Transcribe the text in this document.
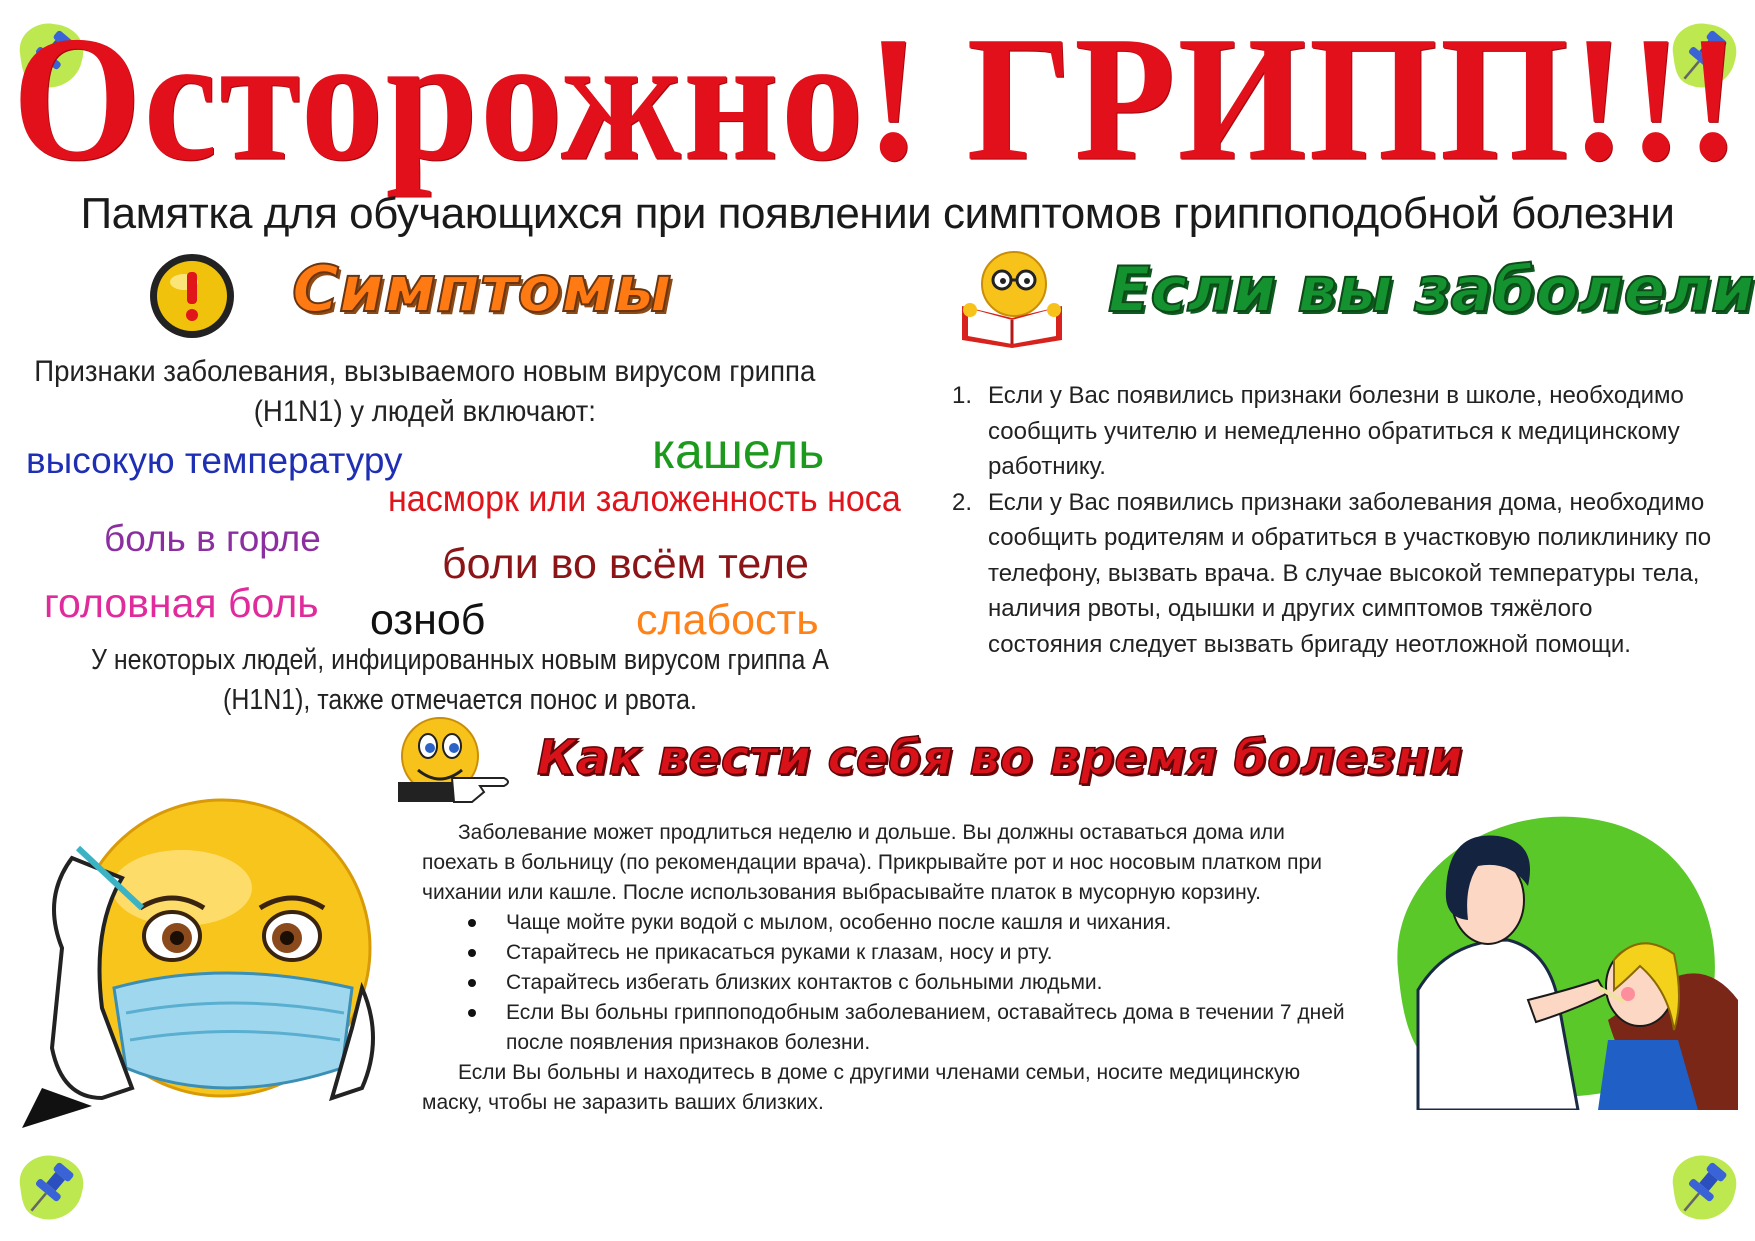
Осторожно! ГРИПП!!!
Памятка для обучающихся при появлении симптомов гриппоподобной болезни
Симптомы
Признаки заболевания, вызываемого новым вирусом гриппа (H1N1) у людей включают:
высокую температуру	кашель
насморк или заложенность носа
боль в горле
боли во всём теле
головная боль озноб	слабость
У некоторых людей, инфицированных новым вирусом гриппа А (H1N1), также отмечается понос и рвота.
Если вы заболели
1. Если у Вас появились признаки болезни в школе, необходимо сообщить учителю и немедленно обратиться к медицинскому работнику.
2. Если у Вас появились признаки заболевания дома, необходимо сообщить родителям и обратиться в участковую поликлинику по телефону, вызвать врача. В случае высокой температуры тела, наличия рвоты, одышки и других симптомов тяжёлого состояния следует вызвать бригаду неотложной помощи.
Как вести себя во время болезни

Заболевание может продлиться неделю и дольше. Вы должны оставаться дома или поехать в больницу (по рекомендации врача). Прикрывайте рот и нос носовым платком при чихании или кашле. После использования выбрасывайте платок в мусорную корзину.

Чаще мойте руки водой с мылом, особенно после кашля и чихания.
Старайтесь не прикасаться руками к глазам, носу и рту.
Старайтесь избегать близких контактов с больными людьми.
Если Вы больны гриппоподобным заболеванием, оставайтесь дома в течении 7 дней после появления признаков болезни.

Если Вы больны и находитесь в доме с другими членами семьи, носите медицинскую маску, чтобы не заразить ваших близких.
